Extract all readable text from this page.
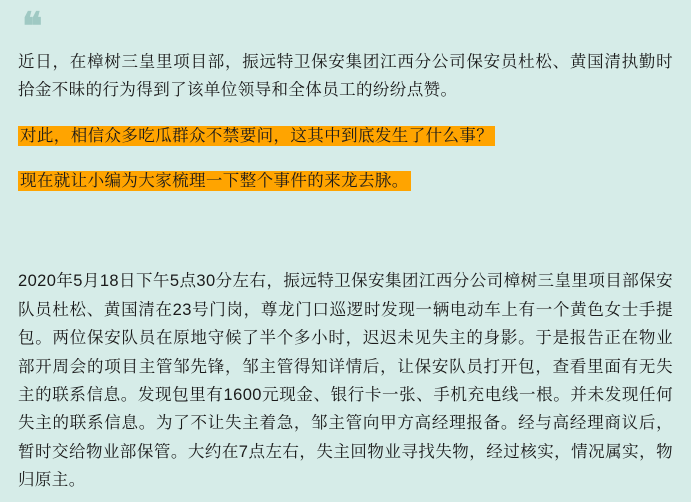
❝

近日，在樟树三皇里项目部，振远特卫保安集团江西分公司保安员杜松、黄国清执勤时拾金不昧的行为得到了该单位领导和全体员工的纷纷点赞。

对此，相信众多吃瓜群众不禁要问，这其中到底发生了什么事？
现在就让小编为大家梳理一下整个事件的来龙去脉。

2020年5月18日下午5点30分左右，振远特卫保安集团江西分公司樟树三皇里项目部保安队员杜松、黄国清在23号门岗，尊龙门口巡逻时发现一辆电动车上有一个黄色女士手提包。两位保安队员在原地守候了半个多小时，迟迟未见失主的身影。于是报告正在物业部开周会的项目主管邹先锋，邹主管得知详情后，让保安队员打开包，查看里面有无失主的联系信息。发现包里有1600元现金、银行卡一张、手机充电线一根。并未发现任何失主的联系信息。为了不让失主着急，邹主管向甲方高经理报备。经与高经理商议后，暂时交给物业部保管。大约在7点左右，失主回物业寻找失物，经过核实，情况属实，物归原主。
